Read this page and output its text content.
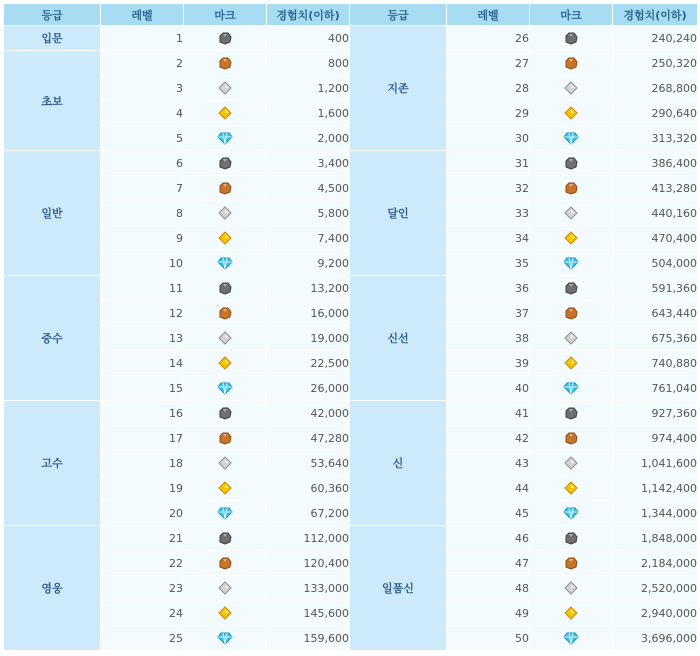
등급	레벨	마크	경험치(이하)	등급	레벨	마크	경험치(이하)
입문	1		400	지존	26		240,240
초보	2		800		27		250,320
	3		1,200		28		268,800
	4		1,600		29		290,640
	5		2,000		30		313,320
일반	6		3,400	달인	31		386,400
	7		4,500		32		413,280
	8		5,800		33		440,160
	9		7,400		34		470,400
	10		9,200		35		504,000
중수	11		13,200	신선	36		591,360
	12		16,000		37		643,440
	13		19,000		38		675,360
	14		22,500		39		740,880
	15		26,000		40		761,040
고수	16		42,000	신	41		927,360
	17		47,280		42		974,400
	18		53,640		43		1,041,600
	19		60,360		44		1,142,400
	20		67,200		45		1,344,000
영웅	21		112,000	일품신	46		1,848,000
	22		120,400		47		2,184,000
	23		133,000		48		2,520,000
	24		145,600		49		2,940,000
	25		159,600		50		3,696,000
